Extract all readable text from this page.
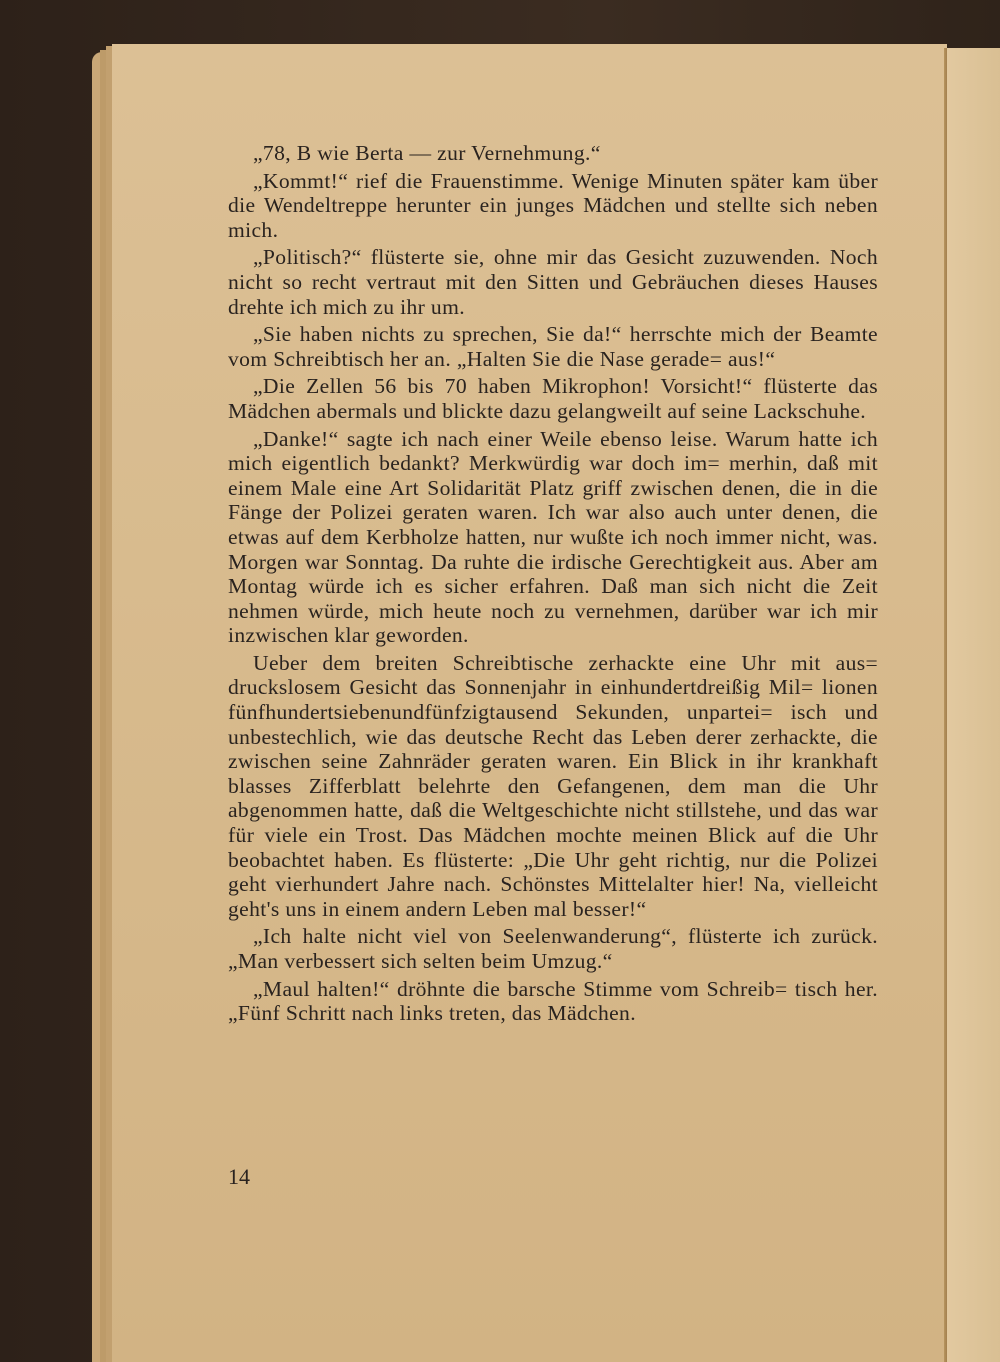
„78, B wie Berta — zur Vernehmung.“

„Kommt!“ rief die Frauenstimme. Wenige Minuten später kam über die Wendeltreppe herunter ein junges Mädchen und stellte sich neben mich.

„Politisch?“ flüsterte sie, ohne mir das Gesicht zuzuwenden. Noch nicht so recht vertraut mit den Sitten und Gebräuchen dieses Hauses drehte ich mich zu ihr um.

„Sie haben nichts zu sprechen, Sie da!“ herrschte mich der Beamte vom Schreibtisch her an. „Halten Sie die Nase gerade= aus!“

„Die Zellen 56 bis 70 haben Mikrophon! Vorsicht!“ flüsterte das Mädchen abermals und blickte dazu gelangweilt auf seine Lackschuhe.

„Danke!“ sagte ich nach einer Weile ebenso leise. Warum hatte ich mich eigentlich bedankt? Merkwürdig war doch im= merhin, daß mit einem Male eine Art Solidarität Platz griff zwischen denen, die in die Fänge der Polizei geraten waren. Ich war also auch unter denen, die etwas auf dem Kerbholze hatten, nur wußte ich noch immer nicht, was. Morgen war Sonntag. Da ruhte die irdische Gerechtigkeit aus. Aber am Montag würde ich es sicher erfahren. Daß man sich nicht die Zeit nehmen würde, mich heute noch zu vernehmen, darüber war ich mir inzwischen klar geworden.

Ueber dem breiten Schreibtische zerhackte eine Uhr mit aus= druckslosem Gesicht das Sonnenjahr in einhundertdreißig Mil= lionen fünfhundertsiebenundfünfzigtausend Sekunden, unpartei= isch und unbestechlich, wie das deutsche Recht das Leben derer zerhackte, die zwischen seine Zahnräder geraten waren. Ein Blick in ihr krankhaft blasses Zifferblatt belehrte den Gefangenen, dem man die Uhr abgenommen hatte, daß die Weltgeschichte nicht stillstehe, und das war für viele ein Trost. Das Mädchen mochte meinen Blick auf die Uhr beobachtet haben. Es flüsterte: „Die Uhr geht richtig, nur die Polizei geht vierhundert Jahre nach. Schönstes Mittelalter hier! Na, vielleicht geht's uns in einem andern Leben mal besser!“

„Ich halte nicht viel von Seelenwanderung“, flüsterte ich zurück. „Man verbessert sich selten beim Umzug.“

„Maul halten!“ dröhnte die barsche Stimme vom Schreib= tisch her. „Fünf Schritt nach links treten, das Mädchen.

14
